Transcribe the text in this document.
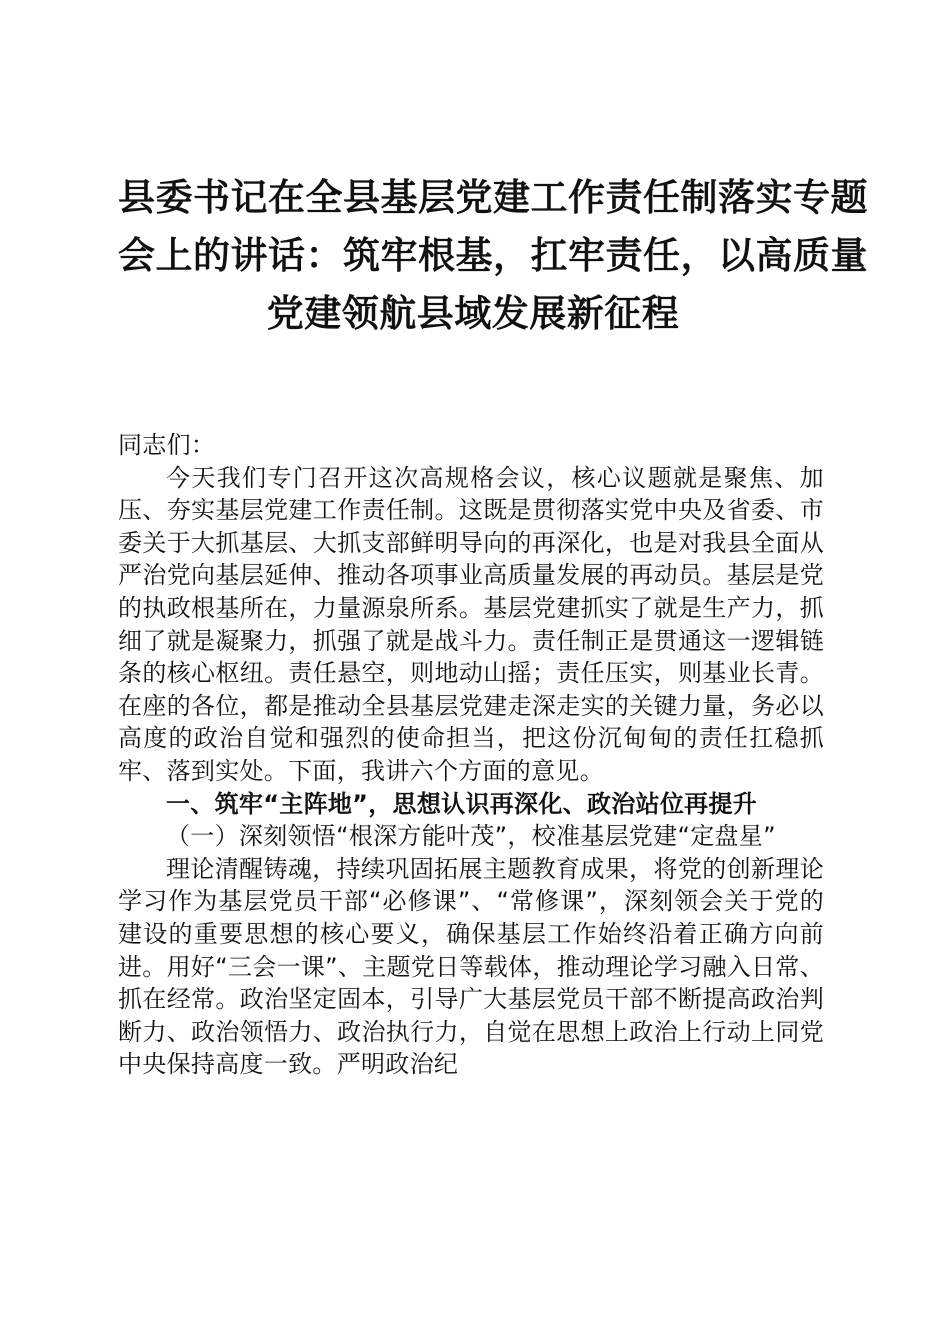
县委书记在全县基层党建工作责任制落实专题
会上的讲话：筑牢根基，扛牢责任，以高质量
党建领航县域发展新征程

同志们：

今天我们专门召开这次高规格会议，核心议题就是聚焦、加压、夯实基层党建工作责任制。这既是贯彻落实党中央及省委、市委关于大抓基层、大抓支部鲜明导向的再深化，也是对我县全面从严治党向基层延伸、推动各项事业高质量发展的再动员。基层是党的执政根基所在，力量源泉所系。基层党建抓实了就是生产力，抓细了就是凝聚力，抓强了就是战斗力。责任制正是贯通这一逻辑链条的核心枢纽。责任悬空，则地动山摇；责任压实，则基业长青。在座的各位，都是推动全县基层党建走深走实的关键力量，务必以高度的政治自觉和强烈的使命担当，把这份沉甸甸的责任扛稳抓牢、落到实处。下面，我讲六个方面的意见。

一、筑牢“主阵地”，思想认识再深化、政治站位再提升

（一）深刻领悟“根深方能叶茂”，校准基层党建“定盘星”

理论清醒铸魂，持续巩固拓展主题教育成果，将党的创新理论学习作为基层党员干部“必修课”、“常修课”，深刻领会关于党的建设的重要思想的核心要义，确保基层工作始终沿着正确方向前进。用好“三会一课”、主题党日等载体，推动理论学习融入日常、抓在经常。政治坚定固本，引导广大基层党员干部不断提高政治判断力、政治领悟力、政治执行力，自觉在思想上政治上行动上同党中央保持高度一致。严明政治纪
